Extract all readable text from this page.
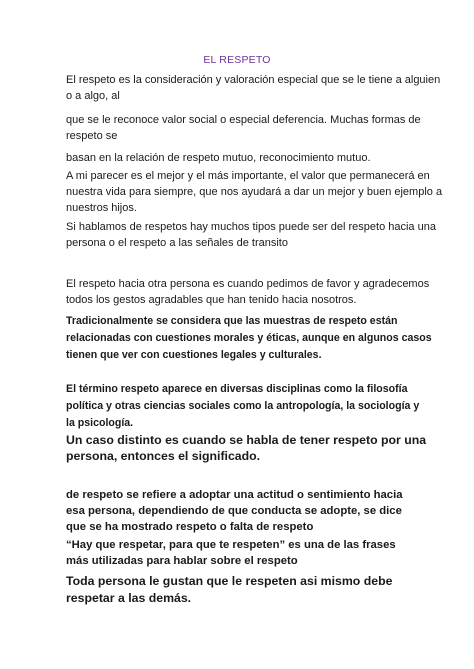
EL RESPETO

El respeto es la consideración y valoración especial que se le tiene a alguien
o a algo, al

que se le reconoce valor social o especial deferencia. Muchas formas de
respeto se

basan en la relación de respeto mutuo, reconocimiento mutuo.

A mi parecer es el mejor y el más importante, el valor que permanecerá en
nuestra vida para siempre, que nos ayudará a dar un mejor y buen ejemplo a
nuestros hijos.

Si hablamos de respetos hay muchos tipos puede ser del respeto hacia una
persona o el respeto a las señales de transito

El respeto hacia otra persona es cuando pedimos de favor y agradecemos
todos los gestos agradables que han tenido hacia nosotros.

Tradicionalmente se considera que las muestras de respeto están
relacionadas con cuestiones morales y éticas, aunque en algunos casos
tienen que ver con cuestiones legales y culturales.

El término respeto aparece en diversas disciplinas como la filosofía
política y otras ciencias sociales como la antropología, la sociología y
la psicología.

Un caso distinto es cuando se habla de tener respeto por una
persona, entonces el significado.

de respeto se refiere a adoptar una actitud o sentimiento hacia
esa persona, dependiendo de que conducta se adopte, se dice
que se ha mostrado respeto o falta de respeto

“Hay que respetar, para que te respeten” es una de las frases
más utilizadas para hablar sobre el respeto

Toda persona le gustan que le respeten asi mismo debe
respetar a las demás.
